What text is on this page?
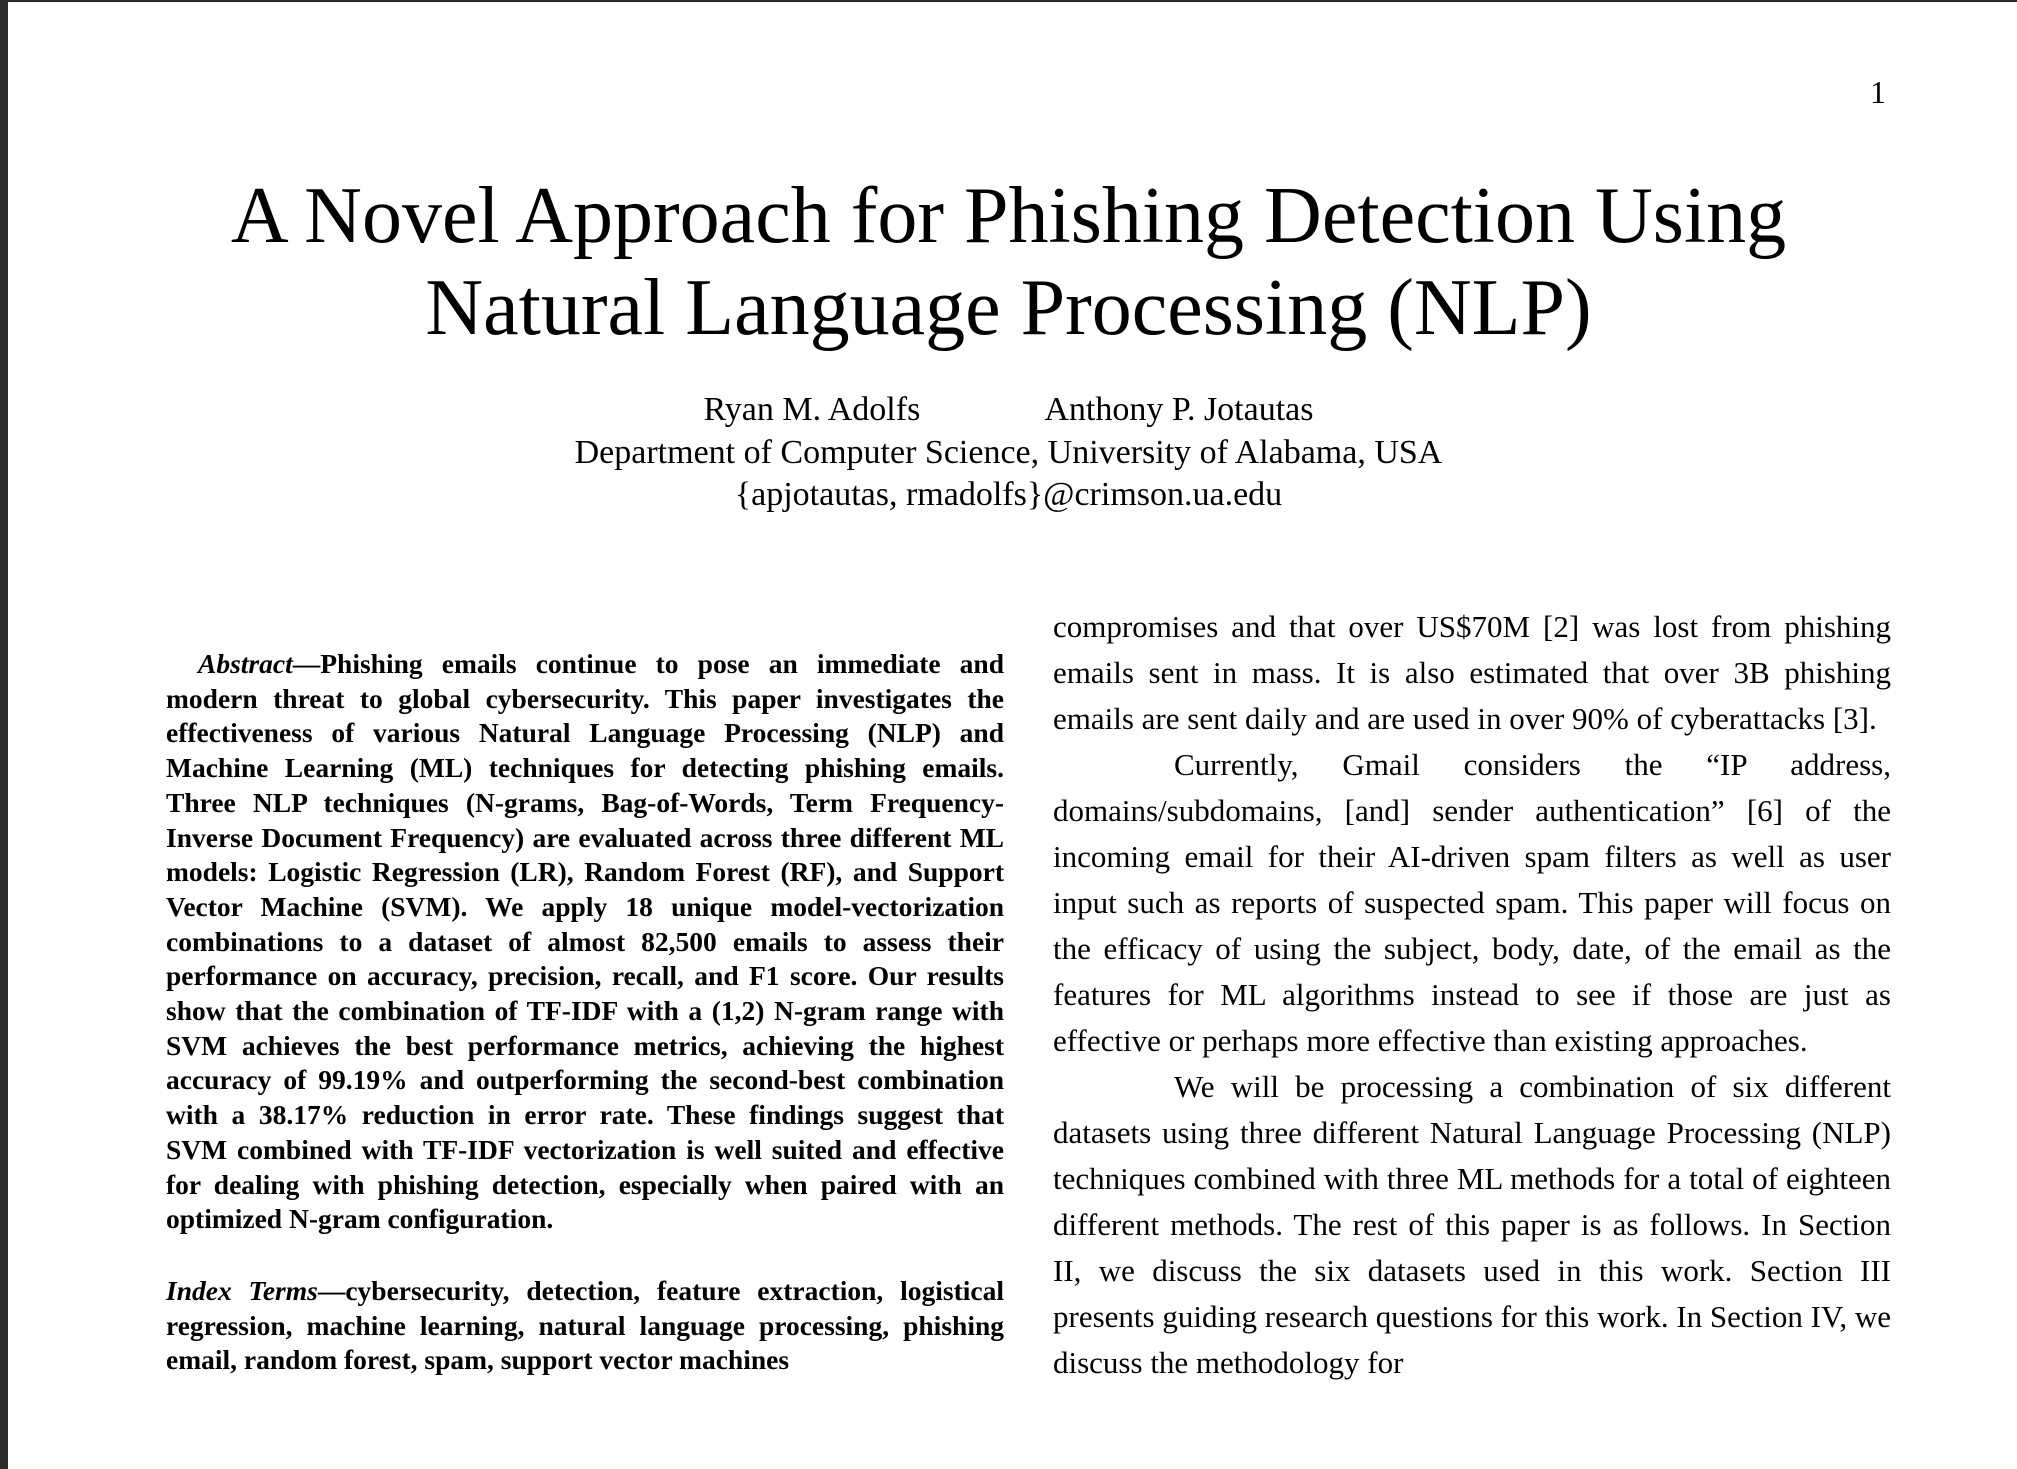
1
A Novel Approach for Phishing Detection Using
Natural Language Processing (NLP)
Ryan M. Adolfs	Anthony P. Jotautas
Department of Computer Science, University of Alabama, USA
{apjotautas, rmadolfs}@crimson.ua.edu

Abstract—Phishing emails continue to pose an immediate and modern threat to global cybersecurity. This paper investigates the effectiveness of various Natural Language Processing (NLP) and Machine Learning (ML) techniques for detecting phishing emails. Three NLP techniques (N-grams, Bag-of-Words, Term Frequency-Inverse Document Frequency) are evaluated across three different ML models: Logistic Regression (LR), Random Forest (RF), and Support Vector Machine (SVM). We apply 18 unique model-vectorization combinations to a dataset of almost 82,500 emails to assess their performance on accuracy, precision, recall, and F1 score. Our results show that the combination of TF-IDF with a (1,2) N-gram range with SVM achieves the best performance metrics, achieving the highest accuracy of 99.19% and outperforming the second-best combination with a 38.17% reduction in error rate. These findings suggest that SVM combined with TF-IDF vectorization is well suited and effective for dealing with phishing detection, especially when paired with an optimized N-gram configuration.

Index Terms—cybersecurity, detection, feature extraction, logistical regression, machine learning, natural language processing, phishing email, random forest, spam, support vector machines

compromises and that over US$70M [2] was lost from phishing emails sent in mass. It is also estimated that over 3B phishing emails are sent daily and are used in over 90% of cyberattacks [3].

Currently, Gmail considers the “IP address, domains/subdomains, [and] sender authentication” [6] of the incoming email for their AI-driven spam filters as well as user input such as reports of suspected spam. This paper will focus on the efficacy of using the subject, body, date, of the email as the features for ML algorithms instead to see if those are just as effective or perhaps more effective than existing approaches.

We will be processing a combination of six different datasets using three different Natural Language Processing (NLP) techniques combined with three ML methods for a total of eighteen different methods. The rest of this paper is as follows. In Section II, we discuss the six datasets used in this work. Section III presents guiding research questions for this work. In Section IV, we discuss the methodology for
